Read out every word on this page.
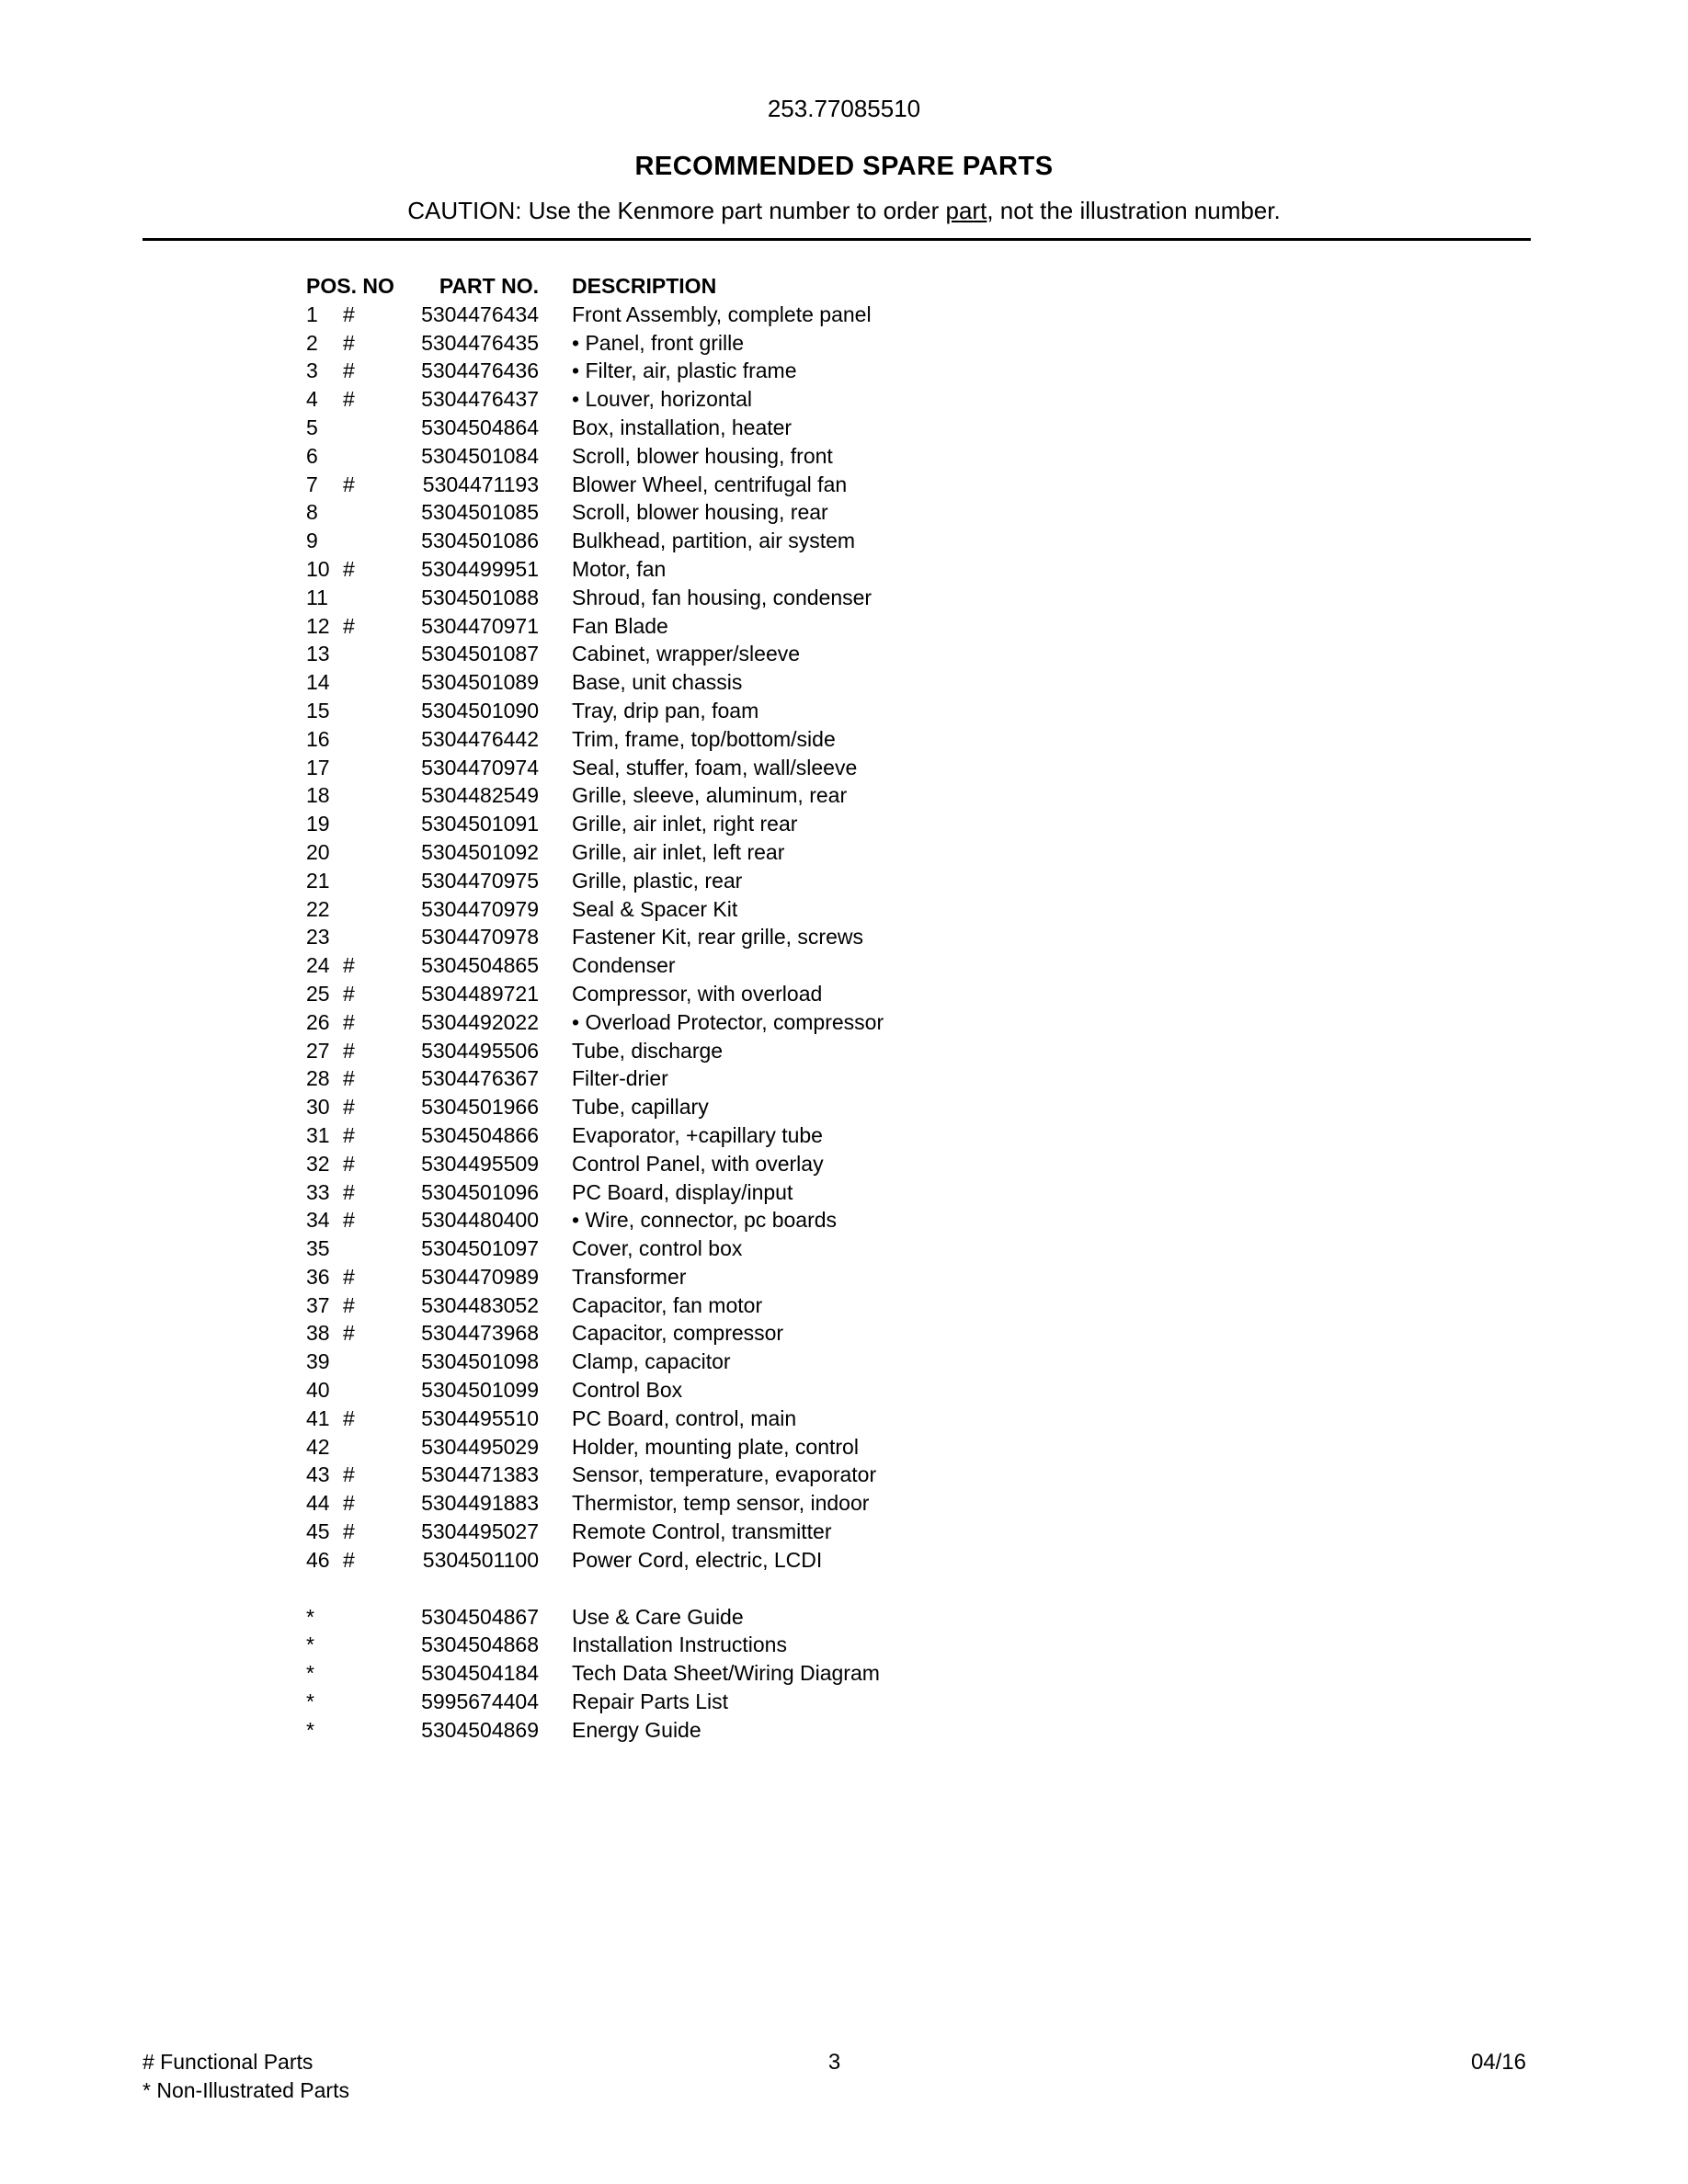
253.77085510
RECOMMENDED SPARE PARTS
CAUTION: Use the Kenmore part number to order part, not the illustration number.
POS. NO	PART NO.	DESCRIPTION
1 #	5304476434	Front Assembly, complete panel
2 #	5304476435	• Panel, front grille
3 #	5304476436	• Filter, air, plastic frame
4 #	5304476437	• Louver, horizontal
5	5304504864	Box, installation, heater
6	5304501084	Scroll, blower housing, front
7 #	5304471193	Blower Wheel, centrifugal fan
8	5304501085	Scroll, blower housing, rear
9	5304501086	Bulkhead, partition, air system
10 #	5304499951	Motor, fan
11	5304501088	Shroud, fan housing, condenser
12 #	5304470971	Fan Blade
13	5304501087	Cabinet, wrapper/sleeve
14	5304501089	Base, unit chassis
15	5304501090	Tray, drip pan, foam
16	5304476442	Trim, frame, top/bottom/side
17	5304470974	Seal, stuffer, foam, wall/sleeve
18	5304482549	Grille, sleeve, aluminum, rear
19	5304501091	Grille, air inlet, right rear
20	5304501092	Grille, air inlet, left rear
21	5304470975	Grille, plastic, rear
22	5304470979	Seal & Spacer Kit
23	5304470978	Fastener Kit, rear grille, screws
24 #	5304504865	Condenser
25 #	5304489721	Compressor, with overload
26 #	5304492022	• Overload Protector, compressor
27 #	5304495506	Tube, discharge
28 #	5304476367	Filter-drier
30 #	5304501966	Tube, capillary
31 #	5304504866	Evaporator, +capillary tube
32 #	5304495509	Control Panel, with overlay
33 #	5304501096	PC Board, display/input
34 #	5304480400	• Wire, connector, pc boards
35	5304501097	Cover, control box
36 #	5304470989	Transformer
37 #	5304483052	Capacitor, fan motor
38 #	5304473968	Capacitor, compressor
39	5304501098	Clamp, capacitor
40	5304501099	Control Box
41 #	5304495510	PC Board, control, main
42	5304495029	Holder, mounting plate, control
43 #	5304471383	Sensor, temperature, evaporator
44 #	5304491883	Thermistor, temp sensor, indoor
45 #	5304495027	Remote Control, transmitter
46 #	5304501100	Power Cord, electric, LCDI
*	5304504867	Use & Care Guide
*	5304504868	Installation Instructions
*	5304504184	Tech Data Sheet/Wiring Diagram
*	5995674404	Repair Parts List
*	5304504869	Energy Guide
# Functional Parts
* Non-Illustrated Parts
3	04/16
